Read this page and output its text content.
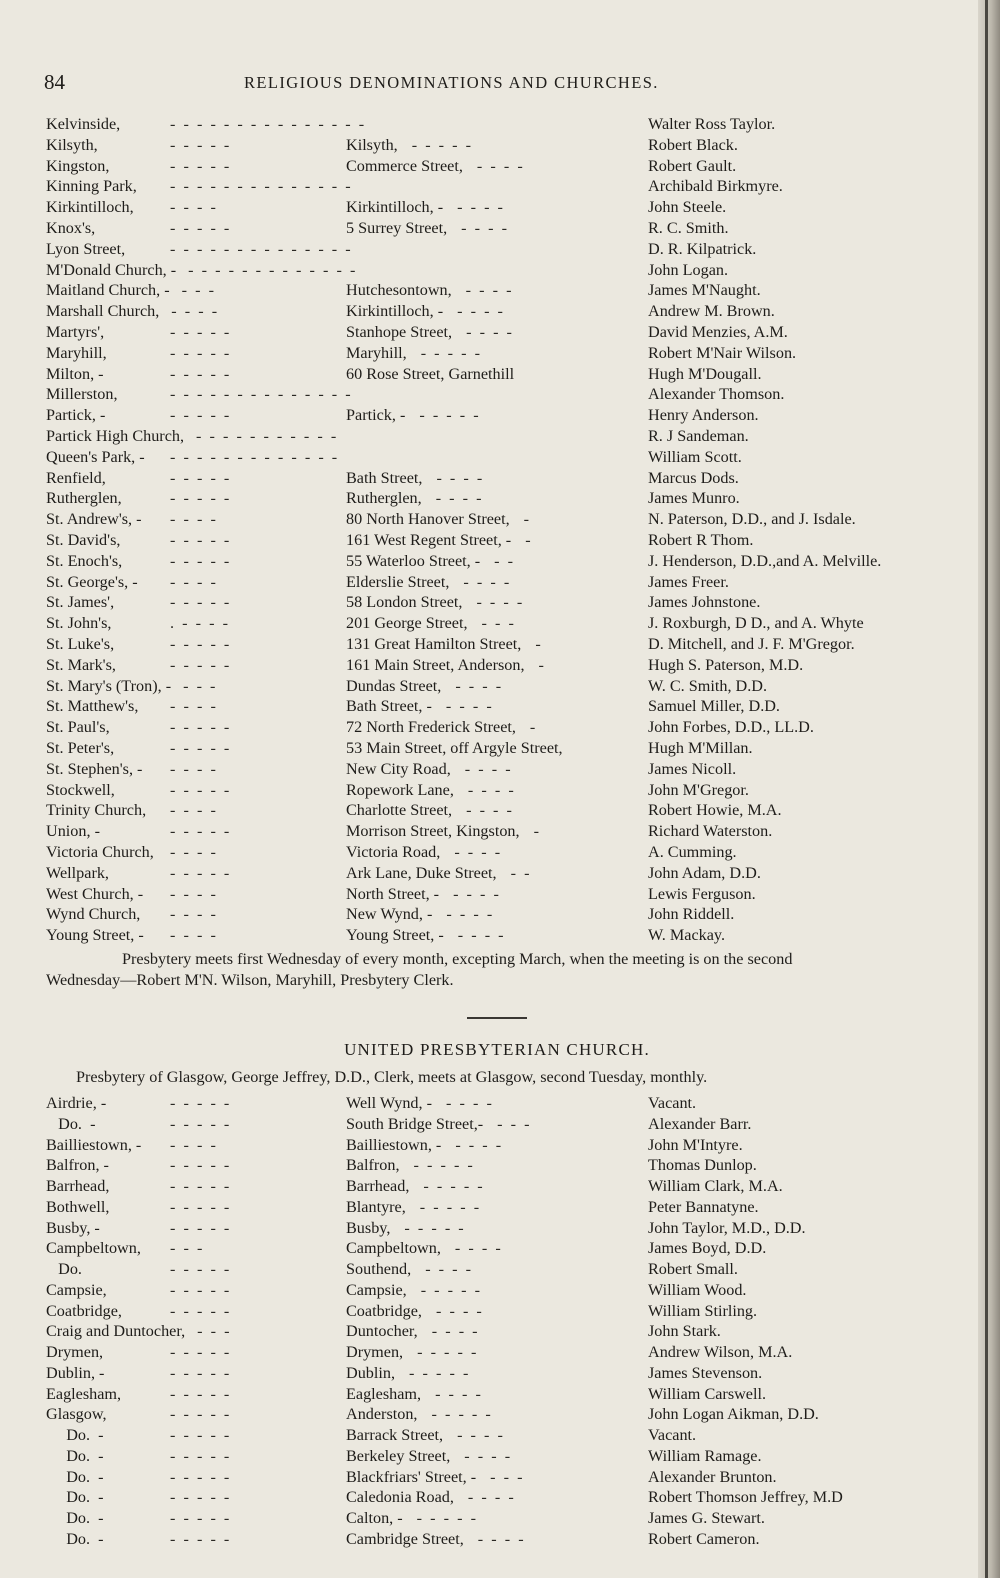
84	RELIGIOUS DENOMINATIONS AND CHURCHES.
Kelvinside,	-  -  -  -  -  -  -  -  -  -  -  -  -  -  -	Walter Ross Taylor.
Kilsyth,	-  -  -  -  -	Kilsyth, -  -  -  -  -	Robert Black.
Kingston,	-  -  -  -  -	Commerce Street, -  -  -  -	Robert Gault.
Kinning Park, -  -  -  -  -  -  -  -  -  -  -  -  -  -	Archibald Birkmyre.
Kirkintilloch, -  -  -  -	Kirkintilloch, - -  -  -  -	John Steele.
Knox's,	-  -  -  -  -	5 Surrey Street, -  -  -  -	R. C. Smith.
Lyon Street,	-  -  -  -  -  -  -  -  -  -  -  -  -  -	D. R. Kilpatrick.
M'Donald Church, - -  -  -  -  -  -  -  -  -  -  -  -  -	John Logan.
Maitland Church, - -  -  -	Hutchesontown, -  -  -  -	James M'Naught.
Marshall Church, -  -  -  -	Kirkintilloch, - -  -  -  -	Andrew M. Brown.
Martyrs',	-  -  -  -  -	Stanhope Street, -  -  -  -	David Menzies, A.M.
Maryhill,	-  -  -  -  -	Maryhill, -  -  -  -  -	Robert M'Nair Wilson.
Milton, -	-  -  -  -  -	60 Rose Street, Garnethill	Hugh M'Dougall.
Millerston,	-  -  -  -  -  -  -  -  -  -  -  -  -  -	Alexander Thomson.
Partick, -	-  -  -  -  -	Partick, - -  -  -  -  -	Henry Anderson.
Partick High Church, -  -  -  -  -  -  -  -  -  -  -	R. J Sandeman.
Queen's Park, - -  -  -  -  -  -  -  -  -  -  -  -  -	William Scott.
Renfield,	-  -  -  -  -	Bath Street, -  -  -  -	Marcus Dods.
Rutherglen,	-  -  -  -  -	Rutherglen, -  -  -  -	James Munro.
St. Andrew's, - -  -  -  -	80 North Hanover Street, -	N. Paterson, D.D., and J. Isdale.
St. David's,	-  -  -  -  -	161 West Regent Street, - -	Robert R Thom.
St. Enoch's,	-  -  -  -  -	55 Waterloo Street, - -  -	J. Henderson, D.D.,and A. Melville.
St. George's, - -  -  -  -	Elderslie Street, -  -  -  -	James Freer.
St. James',	-  -  -  -  -	58 London Street, -  -  -  -	James Johnstone.
St. John's,	.  -  -  -  -	201 George Street, -  -  -	J. Roxburgh, D D., and A. Whyte
St. Luke's,	-  -  -  -  -	131 Great Hamilton Street, -	D. Mitchell, and J. F. M'Gregor.
St. Mark's,	-  -  -  -  -	161 Main Street, Anderson, -	Hugh S. Paterson, M.D.
St. Mary's (Tron), - -  -  -	Dundas Street, -  -  -  -	W. C. Smith, D.D.
St. Matthew's, -  -  -  -	Bath Street, - -  -  -  -	Samuel Miller, D.D.
St. Paul's,	-  -  -  -  -	72 North Frederick Street, -	John Forbes, D.D., LL.D.
St. Peter's,	-  -  -  -  -	53 Main Street, off Argyle Street,	Hugh M'Millan.
St. Stephen's, - -  -  -  -	New City Road, -  -  -  -	James Nicoll.
Stockwell,	-  -  -  -  -	Ropework Lane, -  -  -  -	John M'Gregor.
Trinity Church, -  -  -  -	Charlotte Street, -  -  -  -	Robert Howie, M.A.
Union, -	-  -  -  -  -	Morrison Street, Kingston, -	Richard Waterston.
Victoria Church, -  -  -  -	Victoria Road, -  -  -  -	A. Cumming.
Wellpark,	-  -  -  -  -	Ark Lane, Duke Street, -  -	John Adam, D.D.
West Church, - -  -  -  -	North Street, - -  -  -  -	Lewis Ferguson.
Wynd Church, -  -  -  -	New Wynd, - -  -  -  -	John Riddell.
Young Street, - -  -  -  -	Young Street, - -  -  -  -	W. Mackay.
Presbytery meets first Wednesday of every month, excepting March, when the meeting is on the second
Wednesday—Robert M'N. Wilson, Maryhill, Presbytery Clerk.
UNITED PRESBYTERIAN CHURCH.
Presbytery of Glasgow, George Jeffrey, D.D., Clerk, meets at Glasgow, second Tuesday, monthly.
Airdrie, -	-  -  -  -  -	Well Wynd, - -  -  -  -	Vacant.
Do.  -	-  -  -  -  -	South Bridge Street,- -  -  -	Alexander Barr.
Bailliestown, - -  -  -  -	Bailliestown, - -  -  -  -	John M'Intyre.
Balfron, -	-  -  -  -  -	Balfron, -  -  -  -  -	Thomas Dunlop.
Barrhead,	-  -  -  -  -	Barrhead, -  -  -  -  -	William Clark, M.A.
Bothwell,	-  -  -  -  -	Blantyre, -  -  -  -  -	Peter Bannatyne.
Busby, -	-  -  -  -  -	Busby, -  -  -  -  -	John Taylor, M.D., D.D.
Campbeltown, -  -  -	Campbeltown, -  -  -  -	James Boyd, D.D.
Do.	-  -  -  -  -	Southend, -  -  -  -	Robert Small.
Campsie,	-  -  -  -  -	Campsie, -  -  -  -  -	William Wood.
Coatbridge,	-  -  -  -  -	Coatbridge, -  -  -  -	William Stirling.
Craig and Duntocher, -  -  -	Duntocher, -  -  -  -	John Stark.
Drymen,	-  -  -  -  -	Drymen, -  -  -  -  -	Andrew Wilson, M.A.
Dublin, -	-  -  -  -  -	Dublin, -  -  -  -  -	James Stevenson.
Eaglesham,	-  -  -  -  -	Eaglesham, -  -  -  -	William Carswell.
Glasgow,	-  -  -  -  -	Anderston, -  -  -  -  -	John Logan Aikman, D.D.
Do.  -	-  -  -  -  -	Barrack Street, -  -  -  -	Vacant.
Do.  -	-  -  -  -  -	Berkeley Street, -  -  -  -	William Ramage.
Do.  -	-  -  -  -  -	Blackfriars' Street, - -  -  -	Alexander Brunton.
Do.  -	-  -  -  -  -	Caledonia Road, -  -  -  -	Robert Thomson Jeffrey, M.D
Do.  -	-  -  -  -  -	Calton, - -  -  -  -  -	James G. Stewart.
Do.  -	-  -  -  -  -	Cambridge Street, -  -  -  -	Robert Cameron.
